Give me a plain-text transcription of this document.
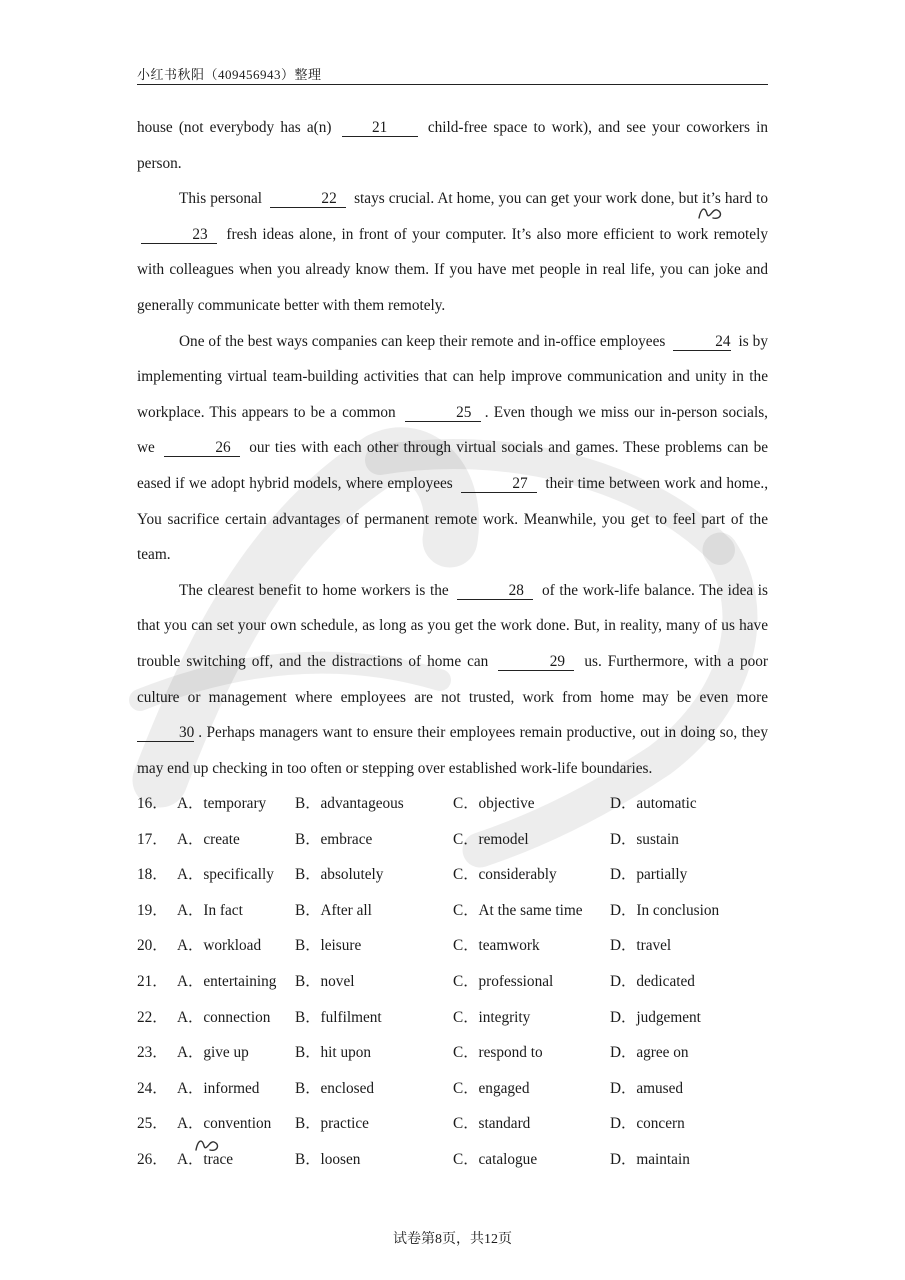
小红书秋阳（409456943）整理

house (not everybody has a(n)	21	child-free space to work), and see your coworkers in person.

This personal	22 stays crucial. At home, you can get your work done, but it’s hard to 23 fresh ideas alone, in front of your computer. It’s also more efficient to work remotely with colleagues when you already know them. If you have met people in real life, you can joke and generally communicate better with them remotely.

One of the best ways companies can keep their remote and in-office employees	24 is by implementing virtual team-building activities that can help improve communication and unity in the workplace. This appears to be a common	25 . Even though we miss our in-person socials, we	26 our ties with each other through virtual socials and games. These problems can be eased if we adopt hybrid models, where employees	27 their time between work and home., You sacrifice certain advantages of permanent remote work. Meanwhile, you get to feel part of the team.

The clearest benefit to home workers is the	28 of the work-life balance. The idea is that you can set your own schedule, as long as you get the work done. But, in reality, many of us have trouble switching off, and the distractions of home can	29 us. Furthermore, with a poor culture or management where employees are not trusted, work from home may be even more 30 . Perhaps managers want to ensure their employees remain productive, out in doing so, they may end up checking in too often or stepping over established work-life boundaries.

16． A．temporary B．advantageous	C．objective	D．automatic
17． A．create	B．embrace	C．remodel	D．sustain
18． A．specifically B．absolutely	C．considerably	D．partially
19． A．In fact	B．After all	C．At the same time D．In conclusion
20． A．workload B．leisure	C．teamwork	D．travel
21． A．entertaining B．novel	C．professional	D．dedicated
22． A．connection B．fulfilment	C．integrity	D．judgement
23． A．give up	B．hit upon	C．respond to	D．agree on
24． A．informed B．enclosed	C．engaged	D．amused
25． A．convention B．practice	C．standard	D．concern
26． A．trace	B．loosen	C．catalogue	D．maintain
试卷第8页，共12页
